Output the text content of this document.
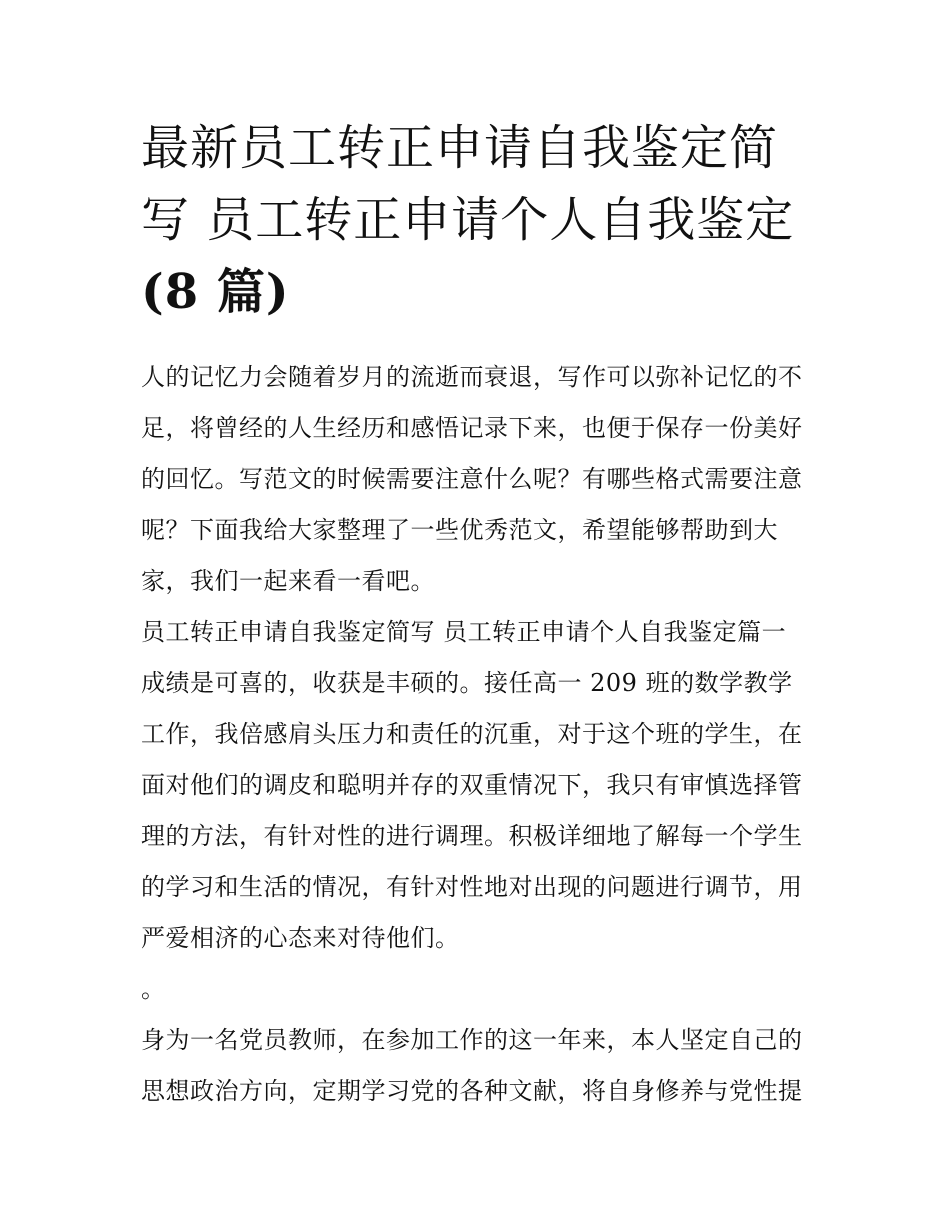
最新员工转正申请自我鉴定简写 员工转正申请个人自我鉴定
(8 篇)

人的记忆力会随着岁月的流逝而衰退，写作可以弥补记忆的不足，将曾经的人生经历和感悟记录下来，也便于保存一份美好的回忆。写范文的时候需要注意什么呢？有哪些格式需要注意呢？下面我给大家整理了一些优秀范文，希望能够帮助到大家，我们一起来看一看吧。

员工转正申请自我鉴定简写 员工转正申请个人自我鉴定篇一

成绩是可喜的，收获是丰硕的。接任高一 209 班的数学教学工作，我倍感肩头压力和责任的沉重，对于这个班的学生，在面对他们的调皮和聪明并存的双重情况下，我只有审慎选择管理的方法，有针对性的进行调理。积极详细地了解每一个学生的学习和生活的情况，有针对性地对出现的问题进行调节，用严爱相济的心态来对待他们。

。

身为一名党员教师，在参加工作的这一年来，本人坚定自己的思想政治方向，定期学习党的各种文献，将自身修养与党性提
